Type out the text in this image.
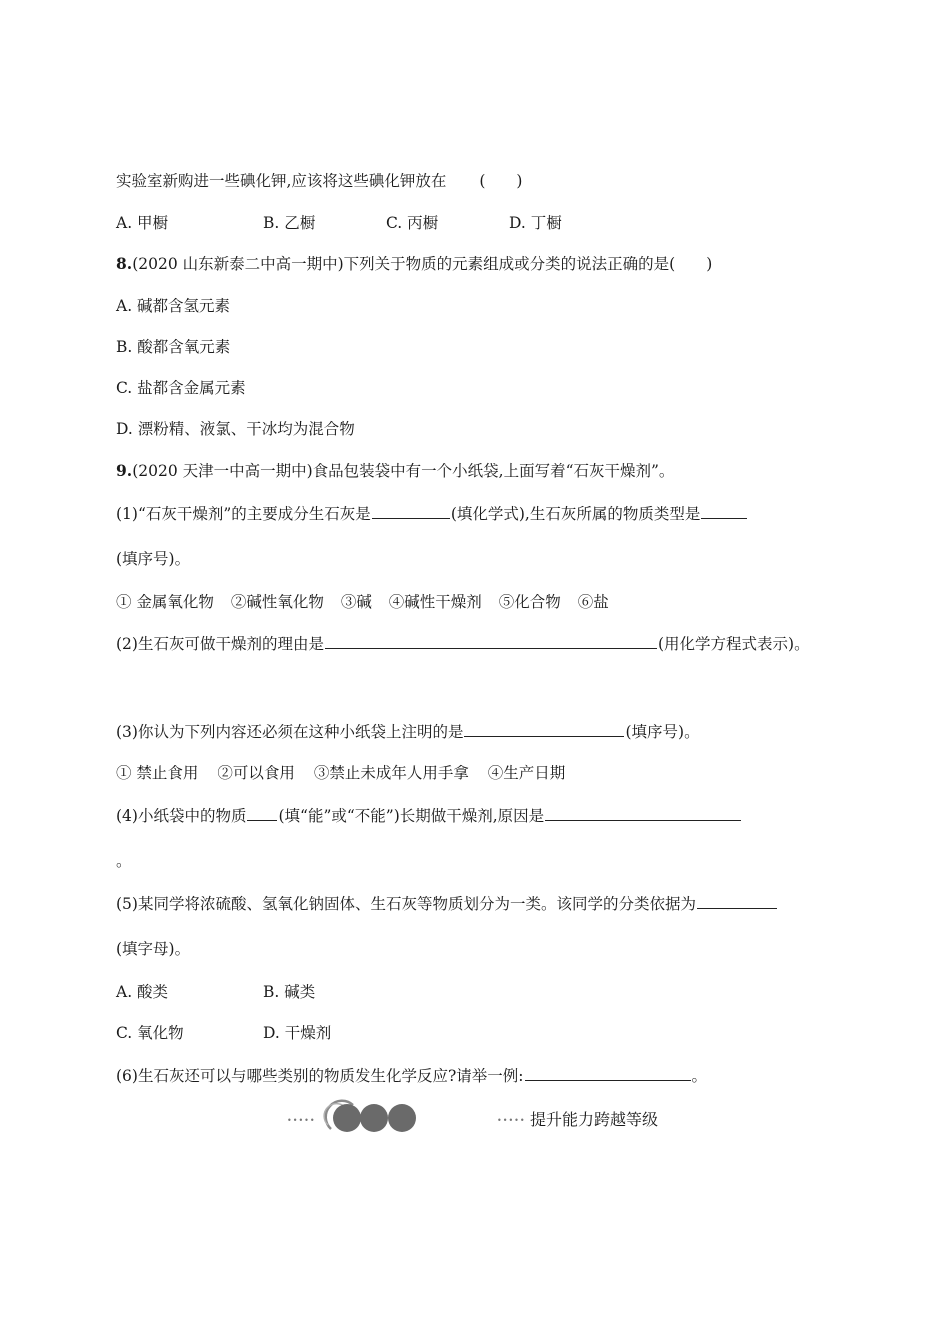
实验室新购进一些碘化钾,应该将这些碘化钾放在 (　　)
A. 甲橱	B. 乙橱	C. 丙橱	D. 丁橱
8.(2020 山东新泰二中高一期中)下列关于物质的元素组成或分类的说法正确的是(　　)
A. 碱都含氢元素
B. 酸都含氧元素
C. 盐都含金属元素
D. 漂粉精、液氯、干冰均为混合物
9.(2020 天津一中高一期中)食品包装袋中有一个小纸袋,上面写着“石灰干燥剂”。
(1)“石灰干燥剂”的主要成分生石灰是	(填化学式),生石灰所属的物质类型是
(填序号)。
① 金属氧化物 ②碱性氧化物 ③碱 ④碱性干燥剂 ⑤化合物 ⑥盐
(2)生石灰可做干燥剂的理由是	(用化学方程式表示)。
(3)你认为下列内容还必须在这种小纸袋上注明的是	(填序号)。
① 禁止食用 ②可以食用 ③禁止未成年人用手拿 ④生产日期
(4)小纸袋中的物质 (填“能”或“不能”)长期做干燥剂,原因是
。
(5)某同学将浓硫酸、氢氧化钠固体、生石灰等物质划分为一类。该同学的分类依据为
(填字母)。
A. 酸类	B. 碱类
C. 氧化物	D. 干燥剂
(6)生石灰还可以与哪些类别的物质发生化学反应?请举一例:	。
•••••	••••• 提升能力跨越等级
